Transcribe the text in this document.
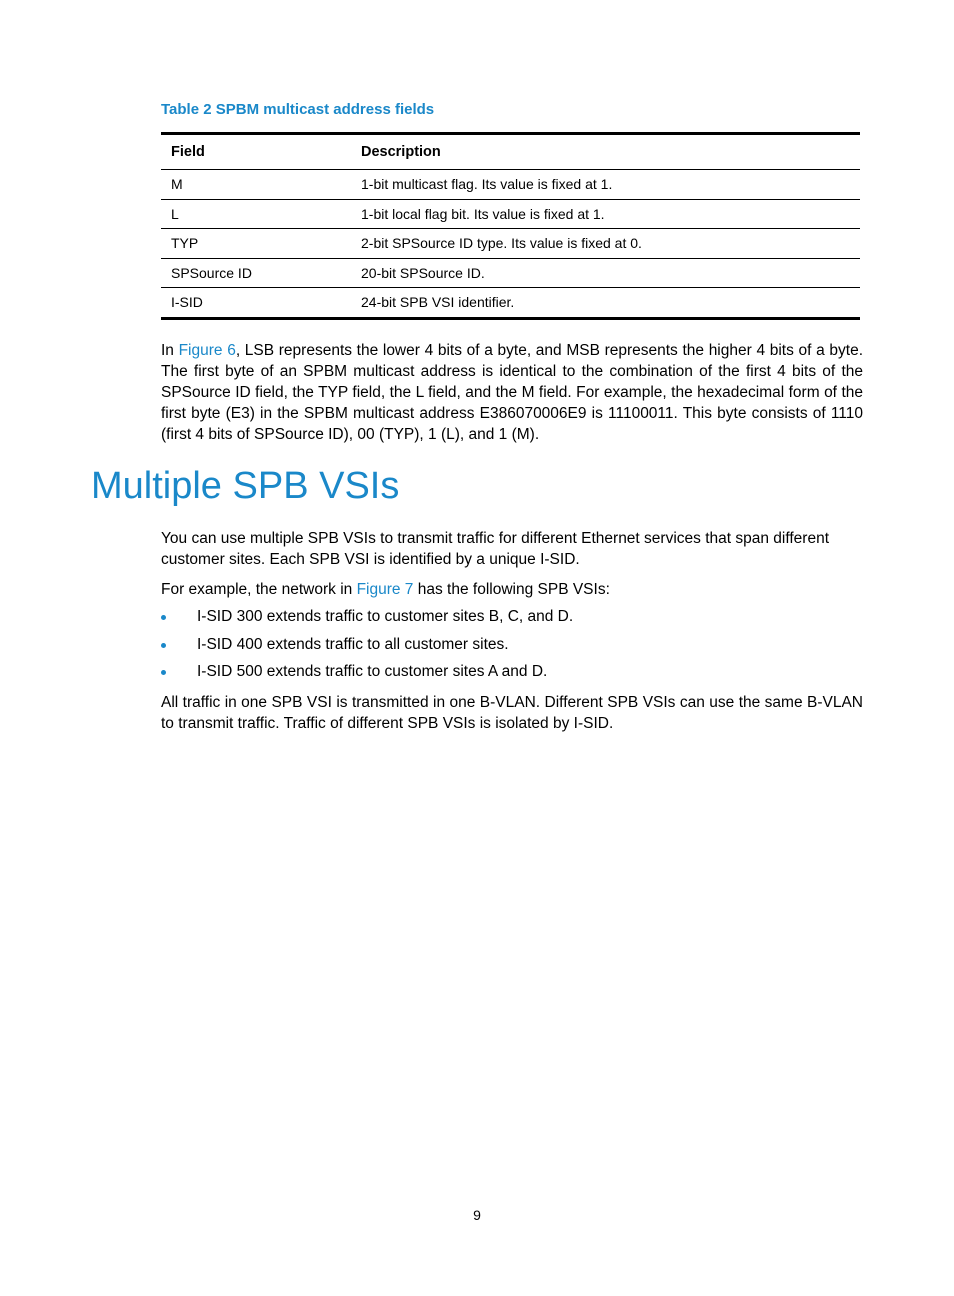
Table 2 SPBM multicast address fields
Field	Description
M	1-bit multicast flag. Its value is fixed at 1.
L	1-bit local flag bit. Its value is fixed at 1.
TYP	2-bit SPSource ID type. Its value is fixed at 0.
SPSource ID	20-bit SPSource ID.
I-SID	24-bit SPB VSI identifier.

In Figure 6, LSB represents the lower 4 bits of a byte, and MSB represents the higher 4 bits of a byte. The first byte of an SPBM multicast address is identical to the combination of the first 4 bits of the SPSource ID field, the TYP field, the L field, and the M field. For example, the hexadecimal form of the first byte (E3) in the SPBM multicast address E386070006E9 is 11100011. This byte consists of 1110 (first 4 bits of SPSource ID), 00 (TYP), 1 (L), and 1 (M).

Multiple SPB VSIs

You can use multiple SPB VSIs to transmit traffic for different Ethernet services that span different customer sites. Each SPB VSI is identified by a unique I-SID.

For example, the network in Figure 7 has the following SPB VSIs:

I-SID 300 extends traffic to customer sites B, C, and D.
I-SID 400 extends traffic to all customer sites.
I-SID 500 extends traffic to customer sites A and D.

All traffic in one SPB VSI is transmitted in one B-VLAN. Different SPB VSIs can use the same B-VLAN to transmit traffic. Traffic of different SPB VSIs is isolated by I-SID.

9
